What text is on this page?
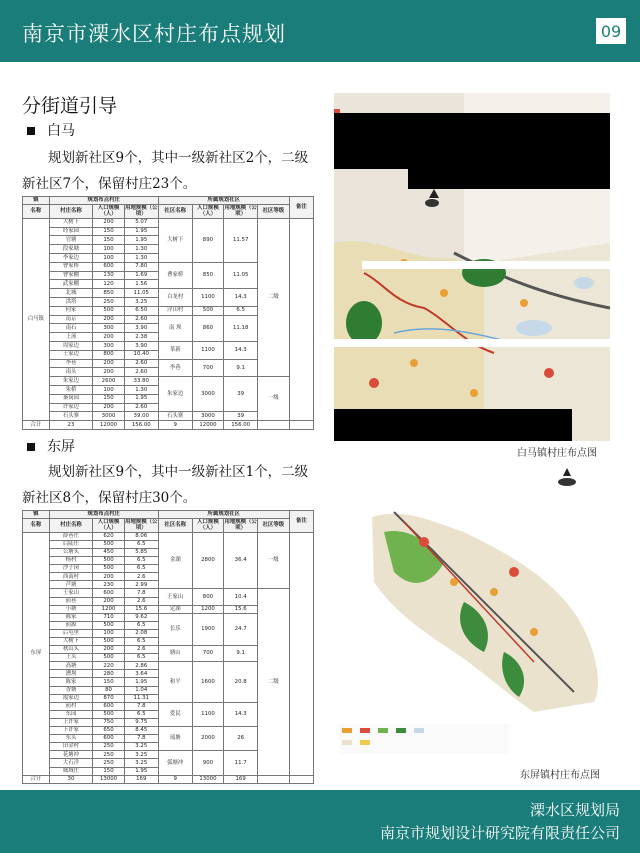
南京市溧水区村庄布点规划	09
分街道引导
白马
规划新社区9个，其中一级新社区2个，二级新社区7个，保留村庄23个。
镇	规划布点村庄			所属规划社区				备注
名称	村庄名称	人口规模（人）	用地规模（公顷）	社区名称	人口规模（人）	用地规模（公顷）	社区等级	
白马镇	大树下	200	5.07	大树下	890	11.57	二级	
	经家园	150	1.95					
	官塘	150	1.95					
	段家塘	100	1.30					
	李家边	100	1.30					
	曹家桥	600	7.80	曹家桥	850	11.05		
	曹家棚	130	1.69					
	武家棚	120	1.56					
	北城	850	11.05	白龙村	1100	14.3		
	洪塔	250	3.25					
	何家	500	6.50	浮山村	500	6.5		
	南京	200	2.60	南 坝	860	11.18		
	南石	300	3.90					
	上汤	200	2.38					
	周家边	300	3.90	革新	1100	14.3		
	王家边	800	10.40					
	李巷	200	2.60	李巷	700	9.1		
	南头	200	2.60					
	朱家边	2600	33.80	朱家边	3000	39	一级	
	朱桥	100	1.30					
	秦岗园	150	1.95					
	许家边	200	2.60					
	石头寨	3000	39.00	石头寨	3000	39		
合计	23	12000	156.00	9	12000	156.00		
东屏
规划新社区9个，其中一级新社区1个，二级新社区8个，保留村庄30个。
镇	规划布点村庄			所属规划社区				备注
名称	村庄名称	人口规模（人）	用地规模（公顷）	社区名称	人口规模（人）	用地规模（公顷）	社区等级	
东屏	薛巷庄	620	8.06	金湖	2800	36.4	一级	
	后陆庄	500	6.5					
	公塘头	450	5.85					
	杨村	500	6.5					
	沙子岗	500	6.5					
	西南村	200	2.6					
	芦塘	230	2.99					
	王家山	600	7.8	王家山	800	10.4	二级	
	前巷	200	2.6					
	小塘	1200	15.6	定湖	1200	15.6		
	陈家	710	9.62	长乐	1900	24.7		
	前源	500	6.5					
	后屯里	100	2.08					
	大树下	500	6.5					
	秋山头	200	2.6	塘山	700	9.1		
	上头	500	6.5					
	高塘	220	2.86	和平	1600	20.8		
	漕坝	280	3.64					
	陈家	150	1.95					
	香塘	80	1.04					
	霞家边	870	11.31					
	前村	600	7.8	爱民	1100	14.3		
	东园	500	6.5					
	上许家	750	9.75					
	下许家	650	8.45	瑶塘	2000	26		
	东头	600	7.8					
	田金村	250	3.25					
	花塘冲	250	3.25	弧塘冲	900	11.7		
	大石洋	250	3.25					
	城域庄	150	1.95					
合计	30	13000	169	9	13000	169		
白马镇村庄布点图
东屏镇村庄布点图
溧水区规划局
南京市规划设计研究院有限责任公司
